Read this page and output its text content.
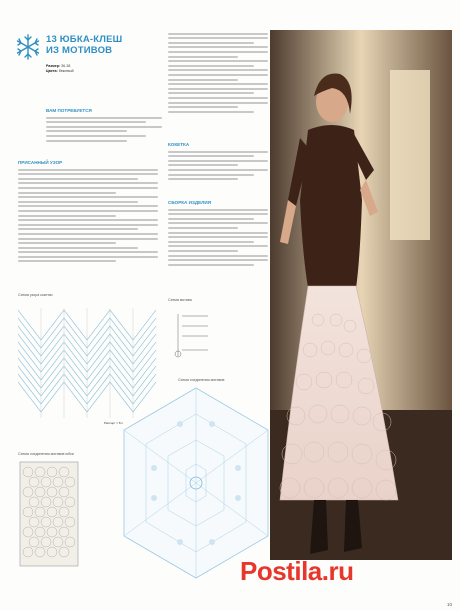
13 ЮБКА-КЛЕШ
ИЗ МОТИВОВ
Размер: 36-38
Цвета: бежевый
ВАМ ПОТРЕБУЕТСЯ
ПРИСАННЫЙ УЗОР
КОКЕТКА
СБОРКА ИЗДЕЛИЯ
Схема узора кокетки
Раппорт = 8 п
Схема мотива
Схема соединения мотивов юбки
Схема соединения мотивов
Postila.ru
10
